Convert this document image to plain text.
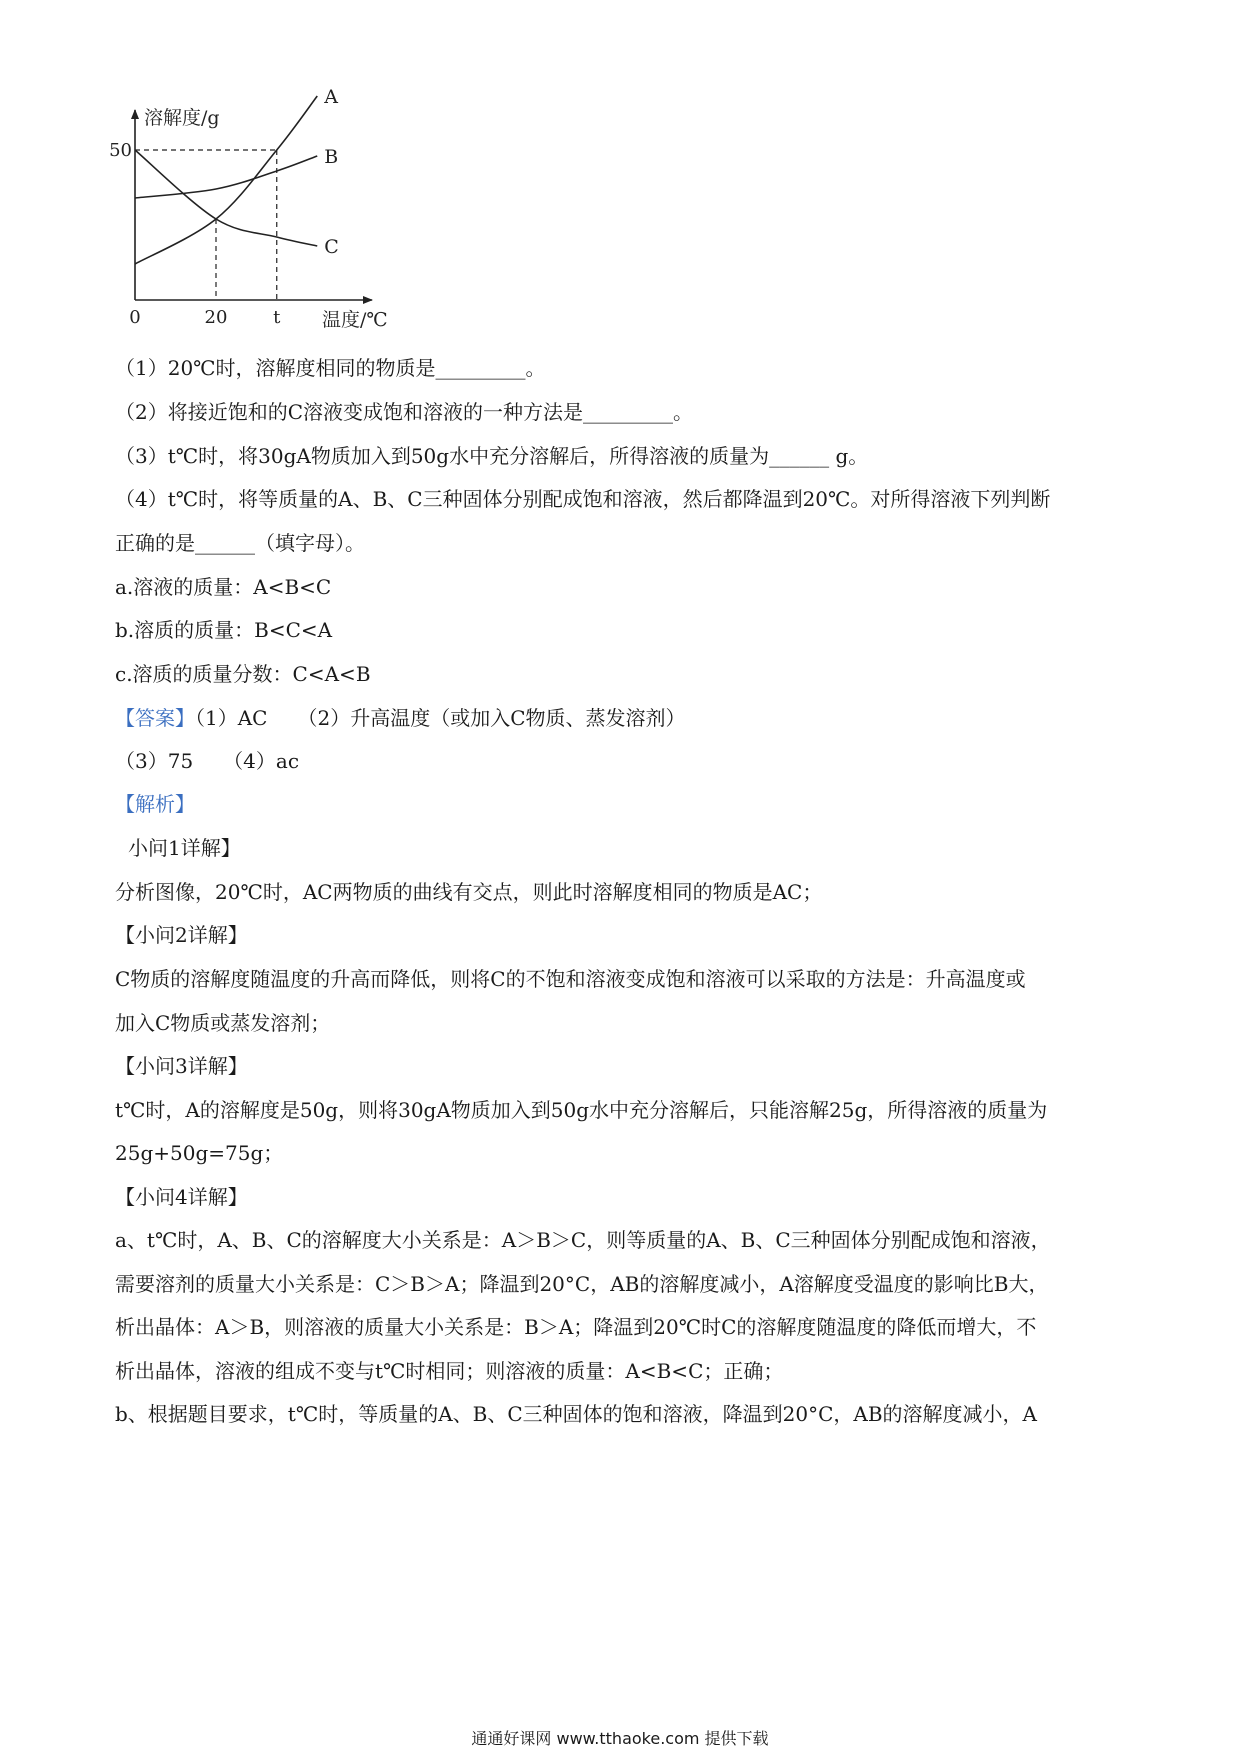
A
B
C
50
0	20	t
溶解度/g
温度/℃
（1）20℃时，溶解度相同的物质是_________。
（2）将接近饱和的C溶液变成饱和溶液的一种方法是_________。
（3）t℃时，将30gA物质加入到50g水中充分溶解后，所得溶液的质量为______ g。
（4）t℃时，将等质量的A、B、C三种固体分别配成饱和溶液，然后都降温到20℃。对所得溶液下列判断
正确的是______（填字母）。
a.溶液的质量：A<B<C
b.溶质的质量：B<C<A
c.溶质的质量分数：C<A<B
【答案】（1）AC　　（2）升高温度（或加入C物质、蒸发溶剂）
（3）75　　（4）ac
【解析】
小问1详解】
分析图像，20℃时，AC两物质的曲线有交点，则此时溶解度相同的物质是AC；
【小问2详解】
C物质的溶解度随温度的升高而降低，则将C的不饱和溶液变成饱和溶液可以采取的方法是：升高温度或
加入C物质或蒸发溶剂；
【小问3详解】
t℃时，A的溶解度是50g，则将30gA物质加入到50g水中充分溶解后，只能溶解25g，所得溶液的质量为
25g+50g=75g；
【小问4详解】
a、t℃时，A、B、C的溶解度大小关系是：A＞B＞C，则等质量的A、B、C三种固体分别配成饱和溶液，
需要溶剂的质量大小关系是：C＞B＞A；降温到20°C，AB的溶解度减小，A溶解度受温度的影响比B大，
析出晶体：A＞B，则溶液的质量大小关系是：B＞A；降温到20℃时C的溶解度随温度的降低而增大，不
析出晶体，溶液的组成不变与t℃时相同；则溶液的质量：A<B<C；正确；
b、根据题目要求，t℃时，等质量的A、B、C三种固体的饱和溶液，降温到20°C，AB的溶解度减小，A
通通好课网 www.tthaoke.com 提供下载
